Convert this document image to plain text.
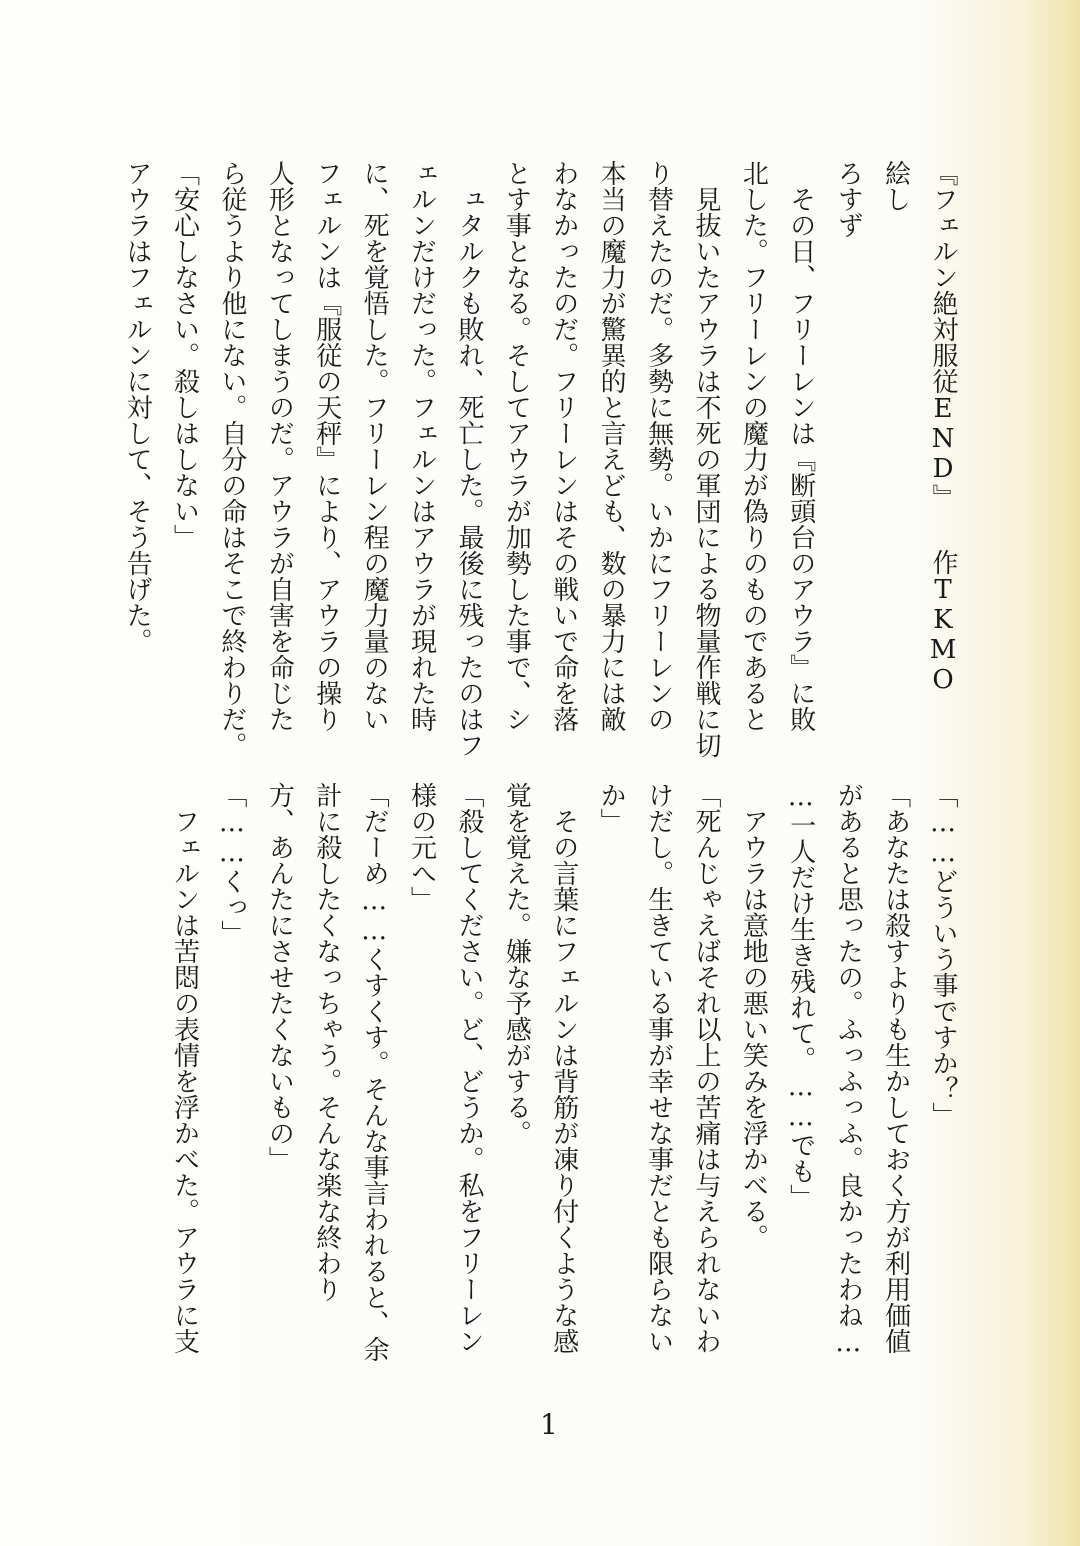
『フェルン絶対服従END』　　作TKMO　　絵し
ろすず
その日、フリーレンは『断頭台のアウラ』に敗
北した。フリーレンの魔力が偽りのものであると
見抜いたアウラは不死の軍団による物量作戦に切
り替えたのだ。多勢に無勢。いかにフリーレンの
本当の魔力が驚異的と言えども、数の暴力には敵
わなかったのだ。フリーレンはその戦いで命を落
とす事となる。そしてアウラが加勢した事で、シ
ュタルクも敗れ、死亡した。最後に残ったのはフ
ェルンだけだった。フェルンはアウラが現れた時
に、死を覚悟した。フリーレン程の魔力量のない
フェルンは『服従の天秤』により、アウラの操り
人形となってしまうのだ。アウラが自害を命じた
ら従うより他にない。自分の命はそこで終わりだ。
「安心しなさい。殺しはしない」
アウラはフェルンに対して、そう告げた。
「……どういう事ですか？」
「あなたは殺すよりも生かしておく方が利用価値
があると思ったの。ふっふっふ。良かったわね…
…一人だけ生き残れて。……でも」
アウラは意地の悪い笑みを浮かべる。
「死んじゃえばそれ以上の苦痛は与えられないわ
けだし。生きている事が幸せな事だとも限らない
か」
その言葉にフェルンは背筋が凍り付くような感
覚を覚えた。嫌な予感がする。
「殺してください。ど、どうか。私をフリーレン
様の元へ」
「だーめ……くすくす。そんな事言われると、余
計に殺したくなっちゃう。そんな楽な終わり
方、あんたにさせたくないもの」
「……くっ」
フェルンは苦悶の表情を浮かべた。アウラに支
1
